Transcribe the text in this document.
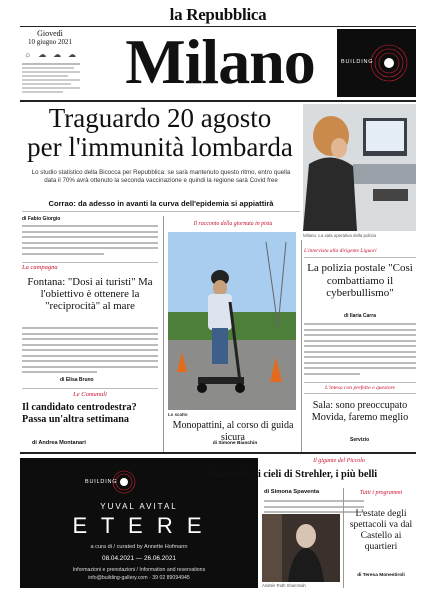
la Repubblica
Giovedì
10 giugno 2021
☼ ☁ ☁ ☁ Milano	BUILDING
Traguardo 20 agosto
per l'immunità lombarda
Lo studio statistico della Bicocca per Repubblica: se sarà mantenuto questo ritmo, entro quella data il 70% avrà ottenuto la seconda vaccinazione e quindi la regione sarà Covid free
Corrao: da adesso in avanti la curva dell'epidemia si appiattirà
Milano. La sala operativa della polizia
di Fabio Giorgio
La campagna
Fontana: "Dosi ai turisti" Ma l'obiettivo è ottenere la "reciprocità" al mare
di Elisa Bruno
Le Comunali
Il candidato centrodestra? Passa un'altra settimana
di Andrea Montanari
Il racconto della giornata in pista
Lo scatto
Monopattini, al corso di guida sicura
di Simone Bianchin
L'intervista alla dirigente Liguori
La polizia postale "Così combattiamo il cyberbullismo"
di Ilaria Carra
L'intesa con prefetto e questore
Sala: sono preoccupato Movida, faremo meglio
Servizio
BUILDING
YUVAL AVITAL
E T E R E
a cura di / curated by Annette Hofmann
08.04.2021 — 26.06.2021
Informazioni e prenotazioni / Information and reservations
info@building-gallery.com · 39 02 89094945
Il gigante del Piccolo
Shammah: i cieli di Strehler, i più belli
di Simona Spaventa
Andrée Ruth Shammah
Tutti i programmi
L'estate degli spettacoli va dal Castello ai quartieri
di Teresa Monestiroli
